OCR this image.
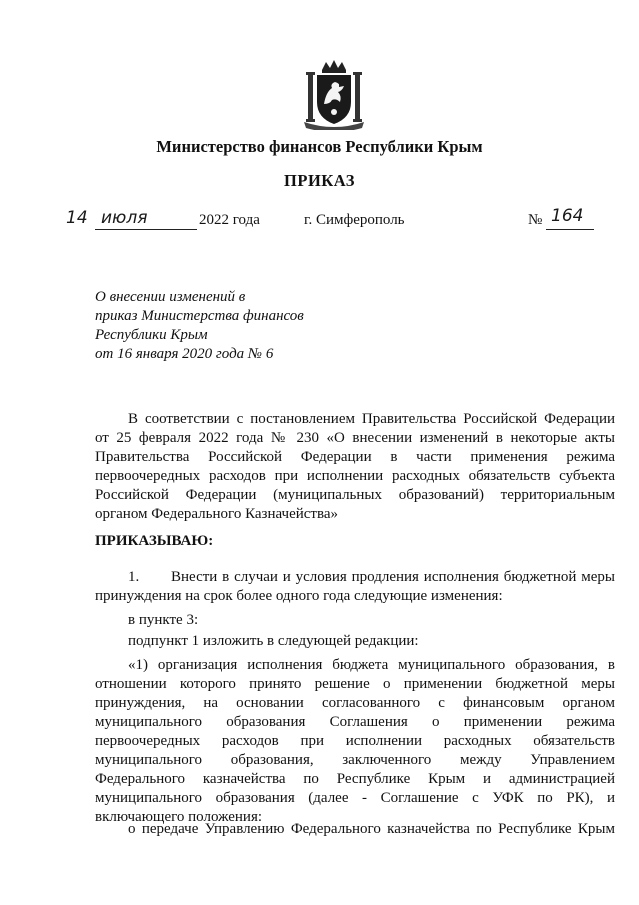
Министерство финансов Республики Крым
ПРИКАЗ
14 июля	2022 года	г. Симферополь	№ 164
О внесении изменений в
приказ Министерства финансов
Республики Крым
от 16 января 2020 года № 6
В соответствии с постановлением Правительства Российской Федерации
от 25 февраля 2022 года № 230 «О внесении изменений в некоторые акты
Правительства Российской Федерации в части применения режима
первоочередных расходов при исполнении расходных обязательств субъекта
Российской Федерации (муниципальных образований) территориальным
органом Федерального Казначейства»
ПРИКАЗЫВАЮ:
1.	Внести в случаи и условия продления исполнения бюджетной меры
принуждения на срок более одного года следующие изменения:
в пункте 3:
подпункт 1 изложить в следующей редакции:
«1) организация исполнения бюджета муниципального образования, в
отношении которого принято решение о применении бюджетной меры
принуждения, на основании согласованного с финансовым органом
муниципального образования Соглашения о применении режима
первоочередных расходов при исполнении расходных обязательств
муниципального образования, заключенного между Управлением
Федерального казначейства по Республике Крым и администрацией
муниципального образования (далее - Соглашение с УФК по РК), и
включающего положения:
о передаче Управлению Федерального казначейства по Республике Крым
